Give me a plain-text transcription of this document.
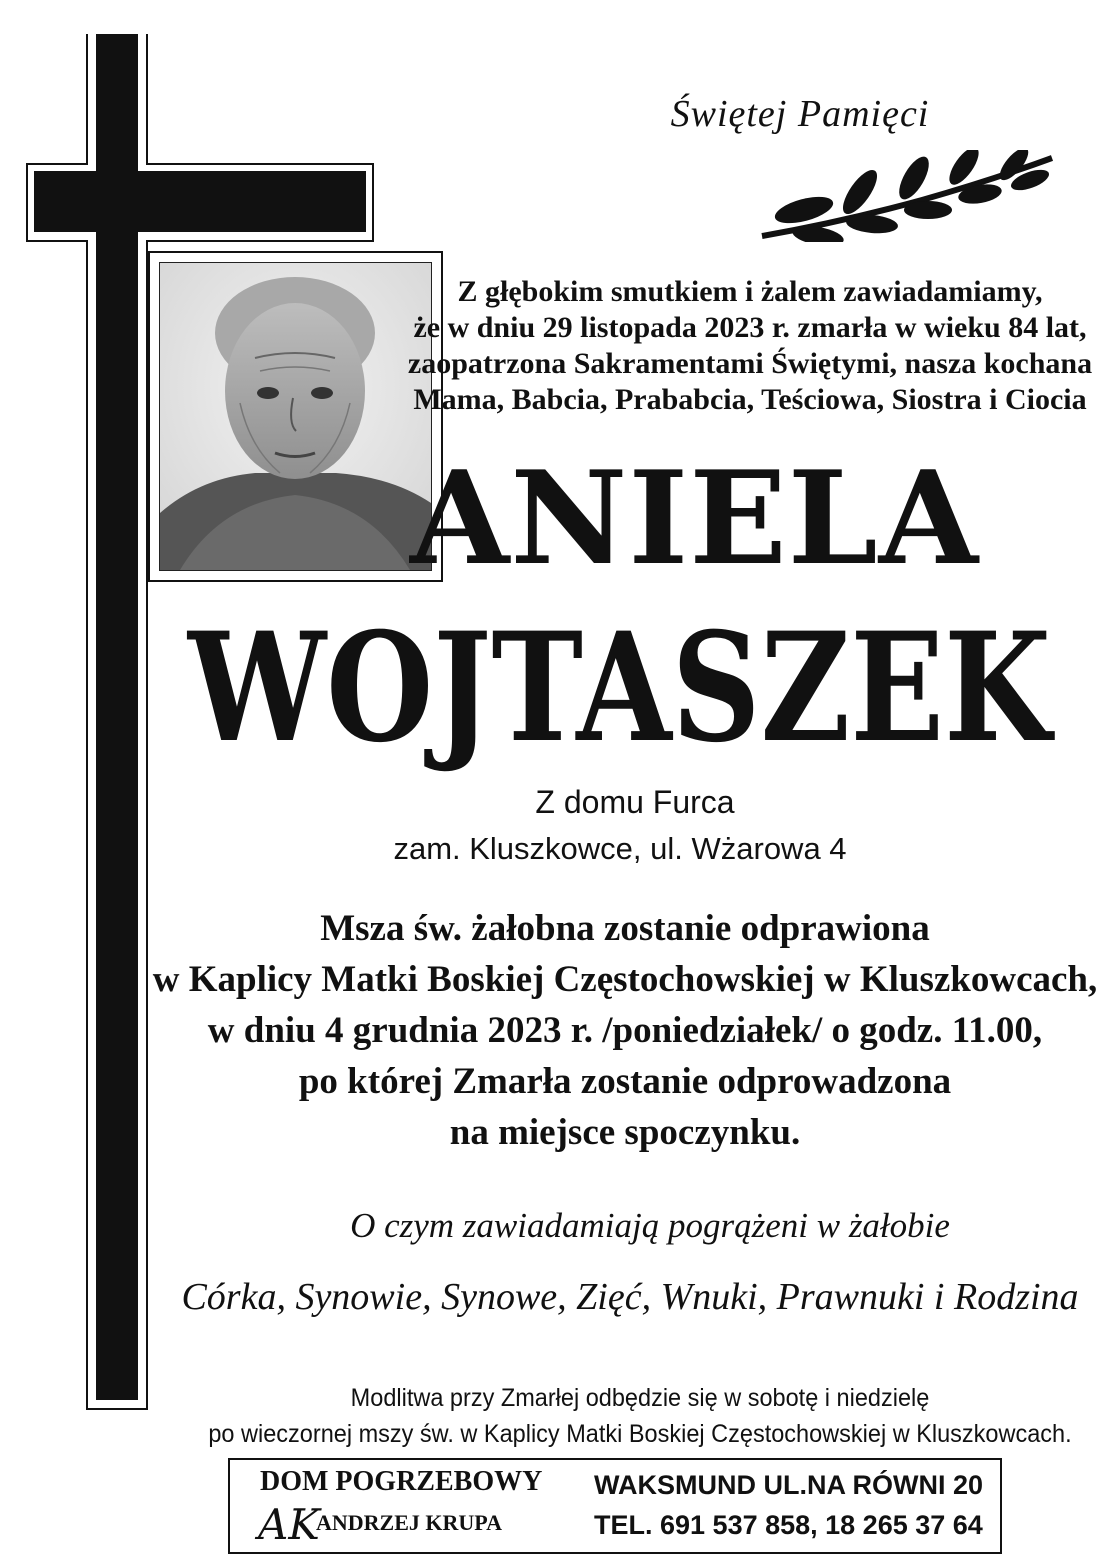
Świętej Pamięci
Z głębokim smutkiem i żalem zawiadamiamy,
że w dniu 29 listopada 2023 r. zmarła w wieku 84 lat,
zaopatrzona Sakramentami Świętymi, nasza kochana
Mama, Babcia, Prababcia, Teściowa, Siostra i Ciocia
ANIELA
WOJTASZEK
Z domu Furca
zam. Kluszkowce, ul. Wżarowa 4
Msza św. żałobna zostanie odprawiona
w Kaplicy Matki Boskiej Częstochowskiej w Kluszkowcach,
w dniu 4 grudnia 2023 r. /poniedziałek/ o godz. 11.00,
po której Zmarła zostanie odprowadzona
na miejsce spoczynku.
O czym zawiadamiają pogrążeni w żałobie
Córka, Synowie, Synowe, Zięć, Wnuki, Prawnuki i Rodzina
Modlitwa przy Zmarłej odbędzie się w sobotę i niedzielę
po wieczornej mszy św. w Kaplicy Matki Boskiej Częstochowskiej w Kluszkowcach.
DOM POGRZEBOWY
AK
ANDRZEJ KRUPA
WAKSMUND UL.NA RÓWNI 20
TEL. 691 537 858, 18 265 37 64
